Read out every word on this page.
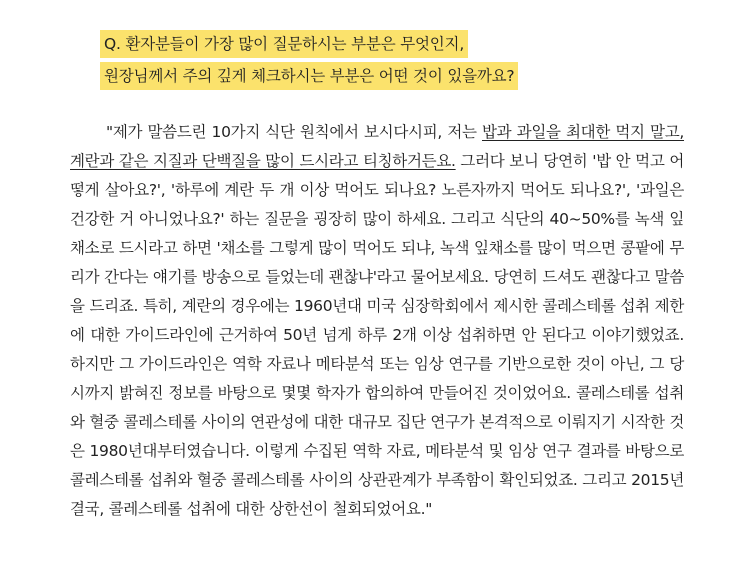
Q. 환자분들이 가장 많이 질문하시는 부분은 무엇인지,
원장님께서 주의 깊게 체크하시는 부분은 어떤 것이 있을까요?

"제가 말씀드린 10가지 식단 원칙에서 보시다시피, 저는 밥과 과일을 최대한 먹지 말고, 계란과 같은 지질과 단백질을 많이 드시라고 티칭하거든요. 그러다 보니 당연히 '밥 안 먹고 어떻게 살아요?', '하루에 계란 두 개 이상 먹어도 되나요? 노른자까지 먹어도 되나요?', '과일은 건강한 거 아니었나요?' 하는 질문을 굉장히 많이 하세요. 그리고 식단의 40~50%를 녹색 잎채소로 드시라고 하면 '채소를 그렇게 많이 먹어도 되냐, 녹색 잎채소를 많이 먹으면 콩팥에 무리가 간다는 얘기를 방송으로 들었는데 괜찮냐'라고 물어보세요. 당연히 드셔도 괜찮다고 말씀을 드리죠. 특히, 계란의 경우에는 1960년대 미국 심장학회에서 제시한 콜레스테롤 섭취 제한에 대한 가이드라인에 근거하여 50년 넘게 하루 2개 이상 섭취하면 안 된다고 이야기했었죠. 하지만 그 가이드라인은 역학 자료나 메타분석 또는 임상 연구를 기반으로한 것이 아닌, 그 당시까지 밝혀진 정보를 바탕으로 몇몇 학자가 합의하여 만들어진 것이었어요. 콜레스테롤 섭취와 혈중 콜레스테롤 사이의 연관성에 대한 대규모 집단 연구가 본격적으로 이뤄지기 시작한 것은 1980년대부터였습니다. 이렇게 수집된 역학 자료, 메타분석 및 임상 연구 결과를 바탕으로 콜레스테롤 섭취와 혈중 콜레스테롤 사이의 상관관계가 부족함이 확인되었죠. 그리고 2015년 결국, 콜레스테롤 섭취에 대한 상한선이 철회되었어요."
